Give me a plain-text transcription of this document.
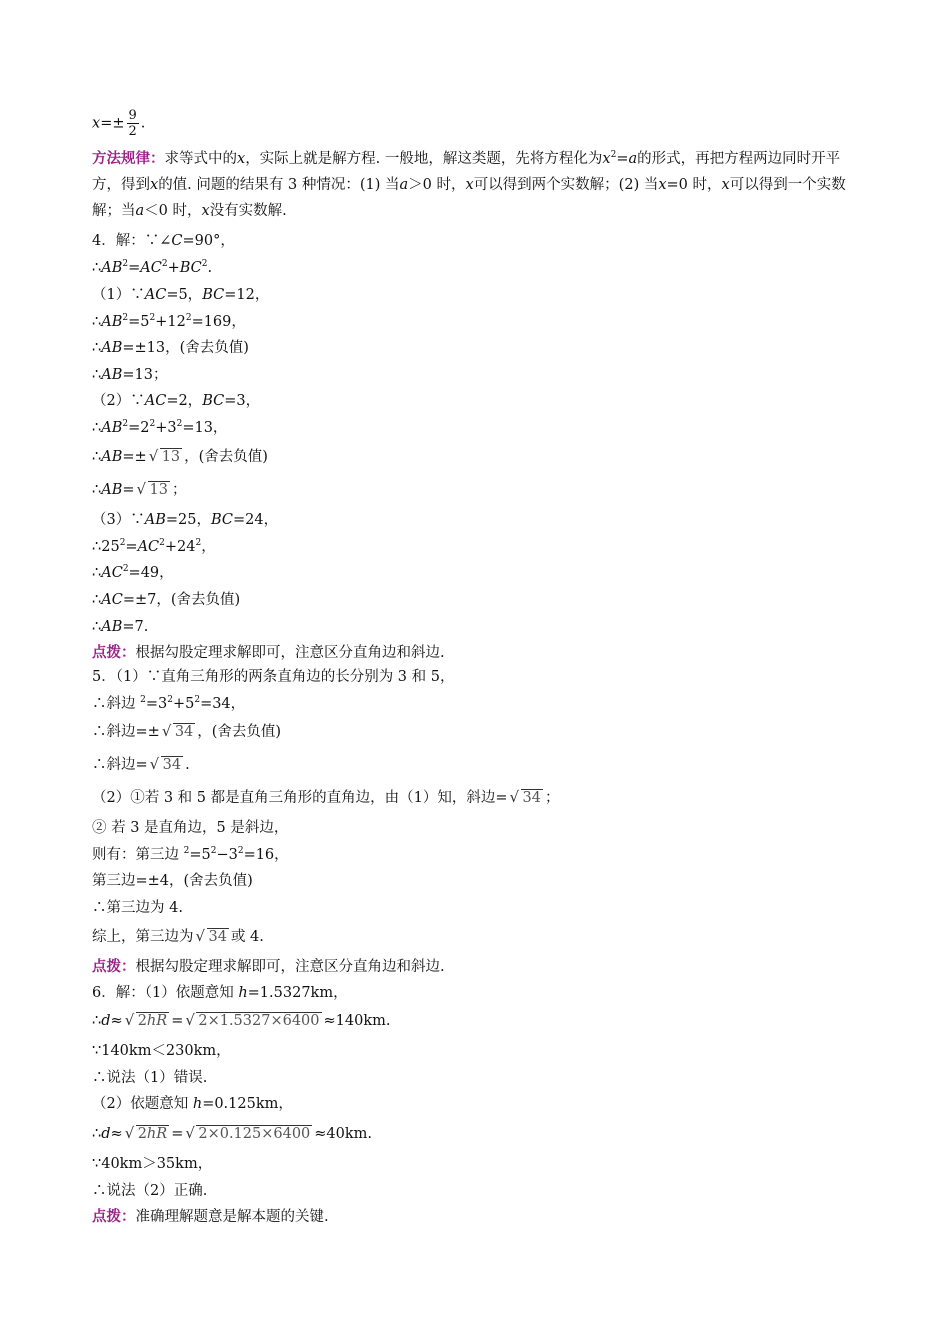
$x=\pm \frac{9}{2}$ .
方法规律：求等式中的x，实际上就是解方程. 一般地，解这类题，先将方程化为$x^2=a$的形式，再把方程两边同时开平方，得到x的值. 问题的结果有 3 种情况：(1) 当a＞0 时，x可以得到两个实数解；(2) 当x=0 时，x可以得到一个实数解；当a＜0 时，x没有实数解.
4．解：∵∠C=90°，
$\therefore AB^2=AC^2+BC^2$.
（1）∵AC=5，BC=12，
$\therefore AB^2=5^2+12^2=169$，
∴AB=±13，(舍去负值)
∴AB=13；
（2）∵AC=2，BC=3，
$\therefore AB^2=2^2+3^2=13$，
∴AB=± √ 13 ，(舍去负值)
∴AB= √ 13 ；
（3）∵AB=25，BC=24，
$\therefore 25^2=AC^2+24^2$，
$\therefore AC^2=49$，
∴AC=±7，(舍去负值)
∴AB=7.
点拨：根据勾股定理求解即可，注意区分直角边和斜边.
5．（1）∵直角三角形的两条直角边的长分别为 3 和 5，
∴斜边 $^2=3^2+5^2=34$，
∴斜边=± √ 34 ，(舍去负值)
∴斜边= √ 34 .
（2）①若 3 和 5 都是直角三角形的直角边，由（1）知，斜边= √ 34 ；
② 若 3 是直角边，5 是斜边，
则有：第三边 $^2=5^2-3^2=16$，
第三边=±4，(舍去负值)
∴第三边为 4.
综上，第三边为 √ 34 或 4.
点拨：根据勾股定理求解即可，注意区分直角边和斜边.
6．解：（1）依题意知 h=1.5327km，
∴d≈ √ 2hR = √ 2×1.5327×6400 ≈140km.
∵140km＜230km，
∴说法（1）错误.
（2）依题意知 h=0.125km，
∴d≈ √ 2hR = √ 2×0.125×6400 ≈40km.
∵40km＞35km，
∴说法（2）正确.
点拨：准确理解题意是解本题的关键.
